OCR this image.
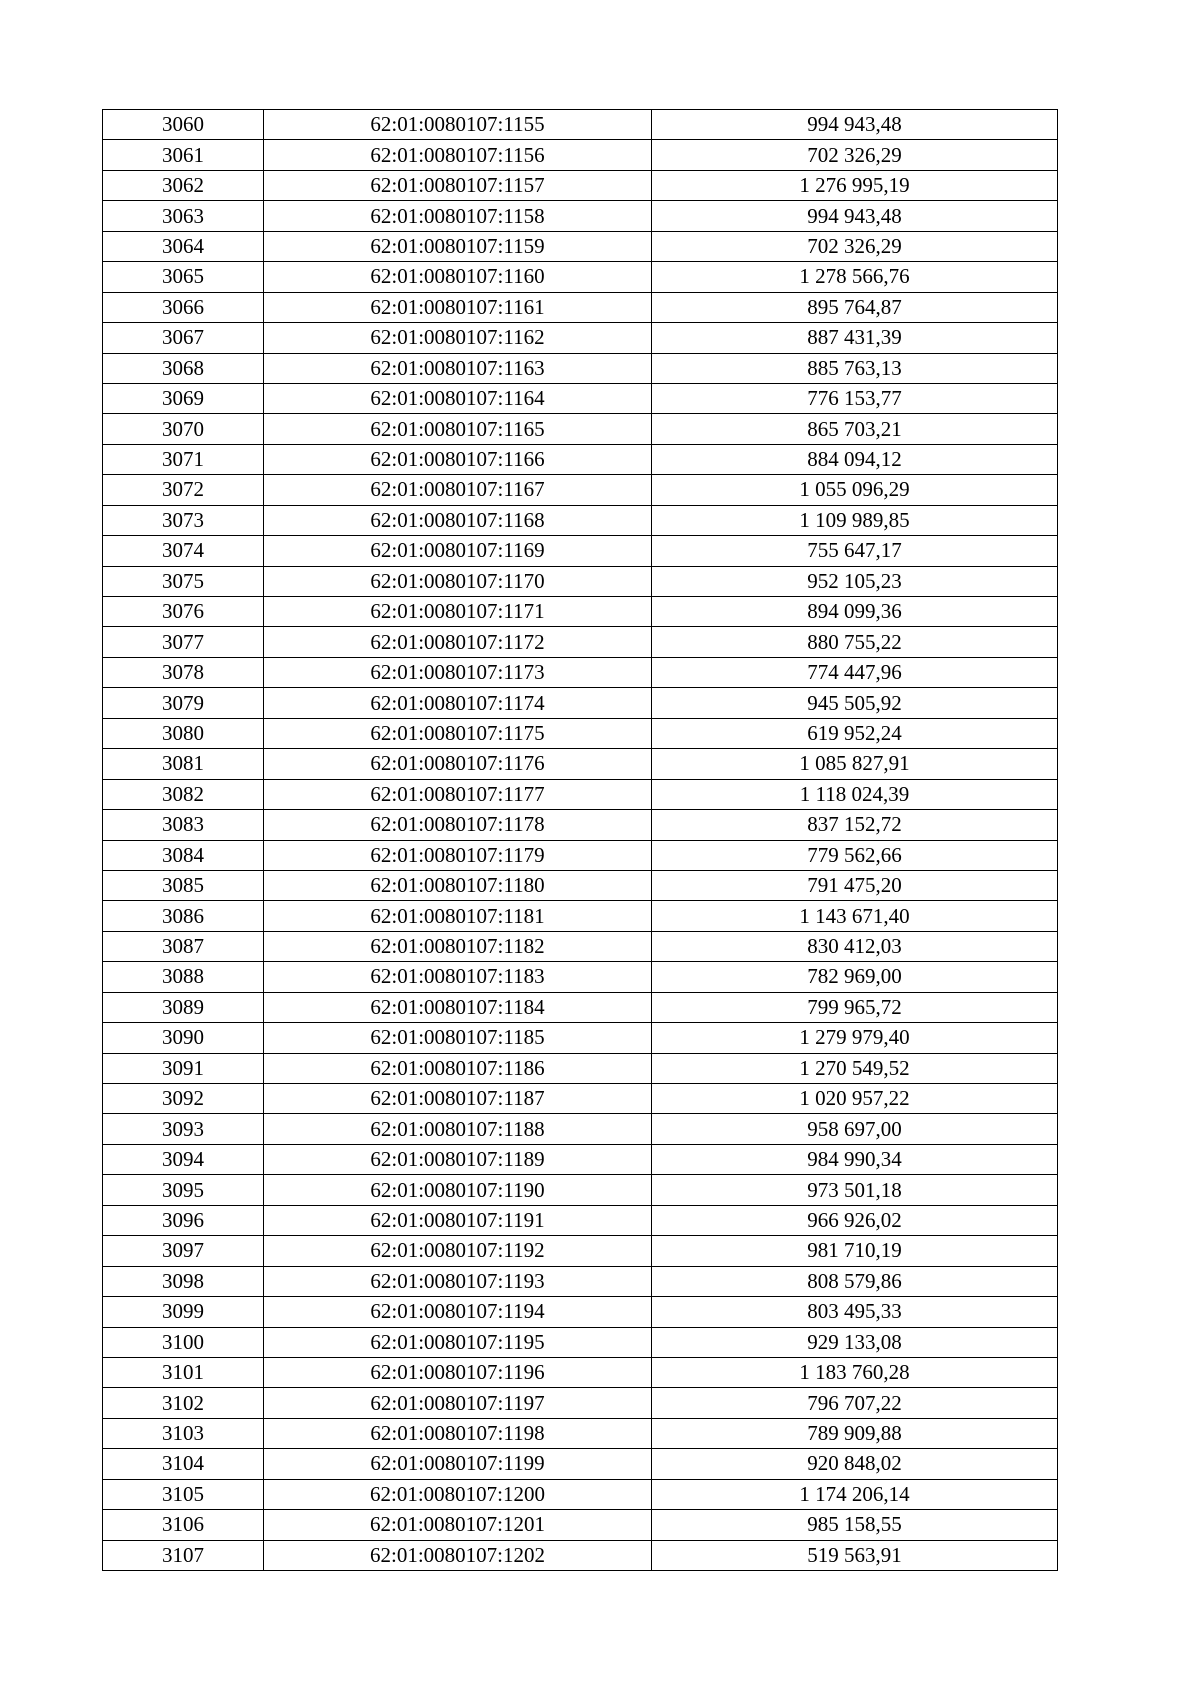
3060	62:01:0080107:1155	994 943,48
3061	62:01:0080107:1156	702 326,29
3062	62:01:0080107:1157	1 276 995,19
3063	62:01:0080107:1158	994 943,48
3064	62:01:0080107:1159	702 326,29
3065	62:01:0080107:1160	1 278 566,76
3066	62:01:0080107:1161	895 764,87
3067	62:01:0080107:1162	887 431,39
3068	62:01:0080107:1163	885 763,13
3069	62:01:0080107:1164	776 153,77
3070	62:01:0080107:1165	865 703,21
3071	62:01:0080107:1166	884 094,12
3072	62:01:0080107:1167	1 055 096,29
3073	62:01:0080107:1168	1 109 989,85
3074	62:01:0080107:1169	755 647,17
3075	62:01:0080107:1170	952 105,23
3076	62:01:0080107:1171	894 099,36
3077	62:01:0080107:1172	880 755,22
3078	62:01:0080107:1173	774 447,96
3079	62:01:0080107:1174	945 505,92
3080	62:01:0080107:1175	619 952,24
3081	62:01:0080107:1176	1 085 827,91
3082	62:01:0080107:1177	1 118 024,39
3083	62:01:0080107:1178	837 152,72
3084	62:01:0080107:1179	779 562,66
3085	62:01:0080107:1180	791 475,20
3086	62:01:0080107:1181	1 143 671,40
3087	62:01:0080107:1182	830 412,03
3088	62:01:0080107:1183	782 969,00
3089	62:01:0080107:1184	799 965,72
3090	62:01:0080107:1185	1 279 979,40
3091	62:01:0080107:1186	1 270 549,52
3092	62:01:0080107:1187	1 020 957,22
3093	62:01:0080107:1188	958 697,00
3094	62:01:0080107:1189	984 990,34
3095	62:01:0080107:1190	973 501,18
3096	62:01:0080107:1191	966 926,02
3097	62:01:0080107:1192	981 710,19
3098	62:01:0080107:1193	808 579,86
3099	62:01:0080107:1194	803 495,33
3100	62:01:0080107:1195	929 133,08
3101	62:01:0080107:1196	1 183 760,28
3102	62:01:0080107:1197	796 707,22
3103	62:01:0080107:1198	789 909,88
3104	62:01:0080107:1199	920 848,02
3105	62:01:0080107:1200	1 174 206,14
3106	62:01:0080107:1201	985 158,55
3107	62:01:0080107:1202	519 563,91
